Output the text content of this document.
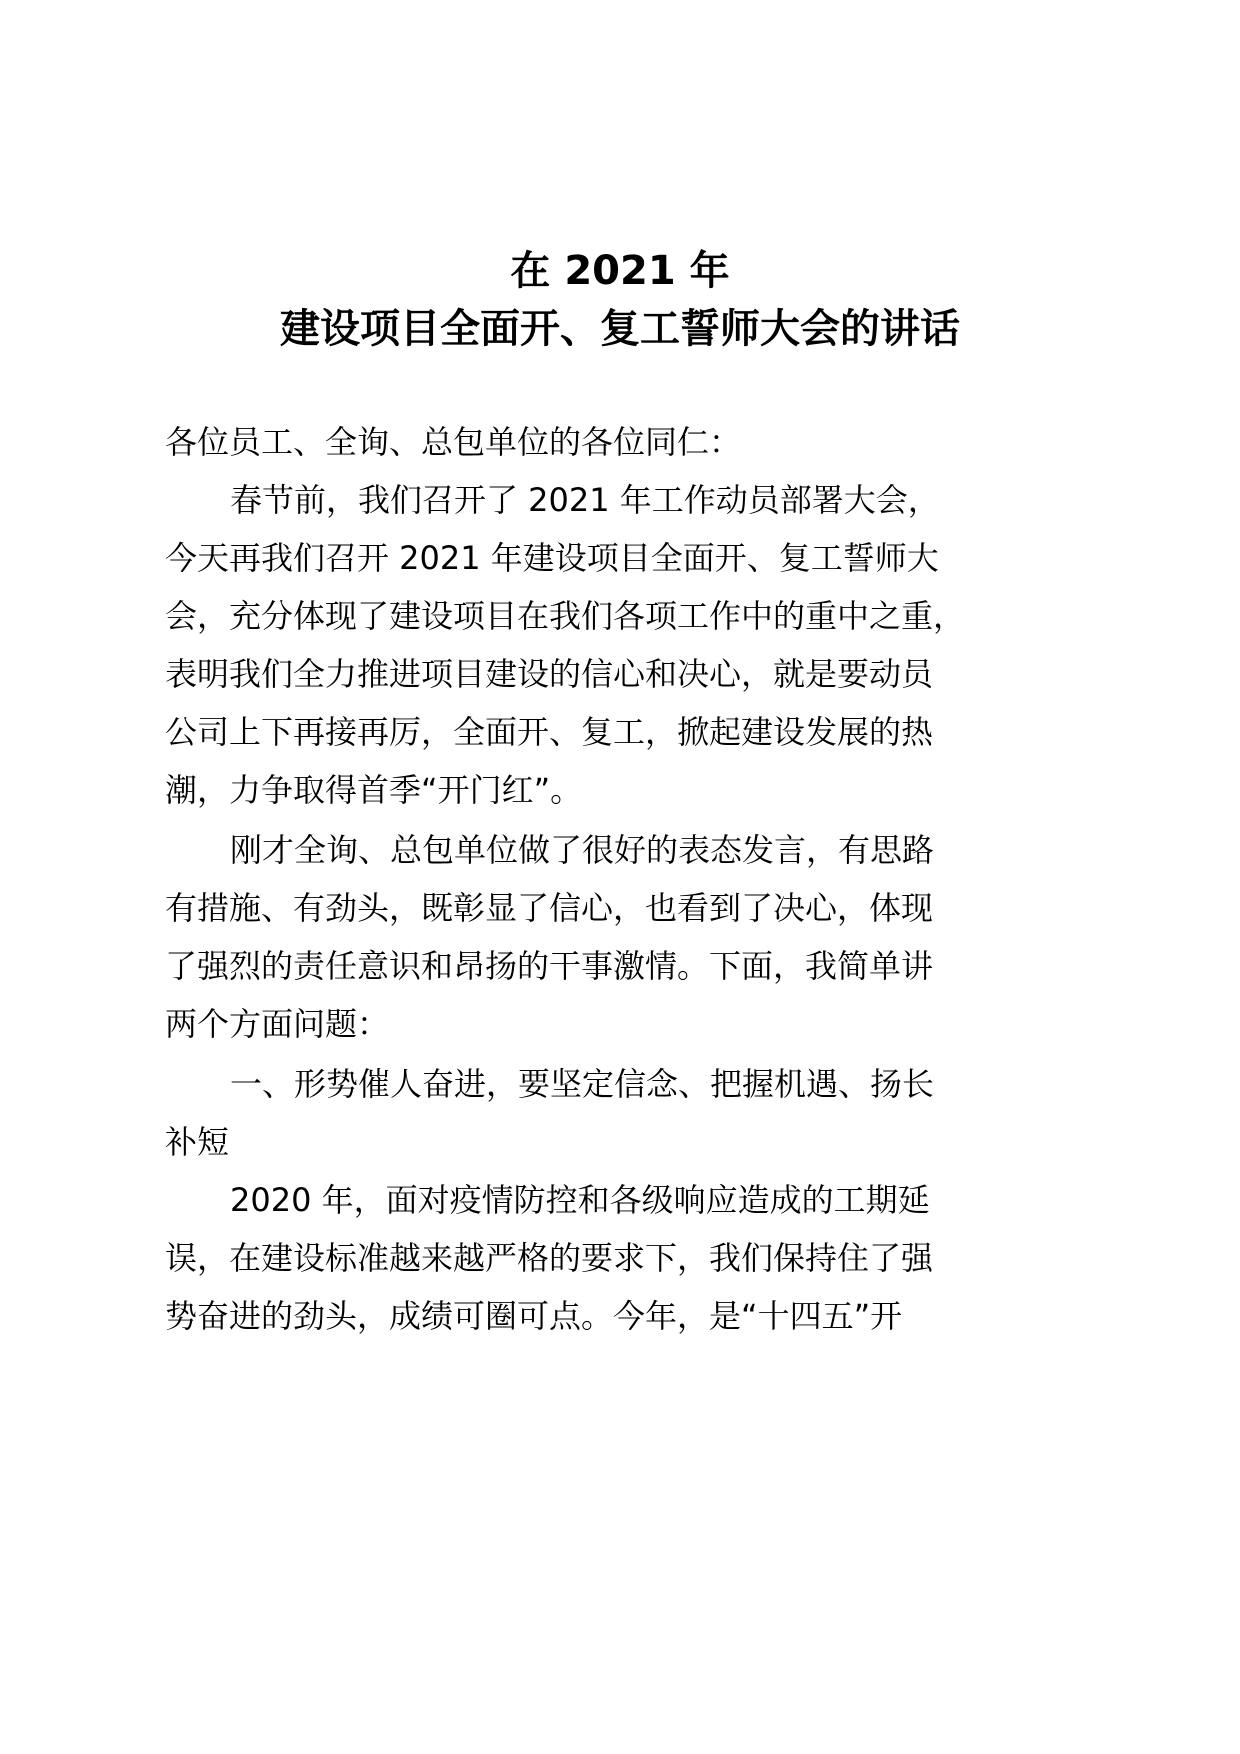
在 2021 年
建设项目全面开、复工誓师大会的讲话
各位员工、全询、总包单位的各位同仁：
春节前，我们召开了 2021 年工作动员部署大会，
今天再我们召开 2021 年建设项目全面开、复工誓师大
会，充分体现了建设项目在我们各项工作中的重中之重，
表明我们全力推进项目建设的信心和决心，就是要动员
公司上下再接再厉，全面开、复工，掀起建设发展的热
潮，力争取得首季“开门红”。
刚才全询、总包单位做了很好的表态发言，有思路
有措施、有劲头，既彰显了信心，也看到了决心，体现
了强烈的责任意识和昂扬的干事激情。下面，我简单讲
两个方面问题：
一、形势催人奋进，要坚定信念、把握机遇、扬长
补短
2020 年，面对疫情防控和各级响应造成的工期延
误，在建设标准越来越严格的要求下，我们保持住了强
势奋进的劲头，成绩可圈可点。今年，是“十四五”开
